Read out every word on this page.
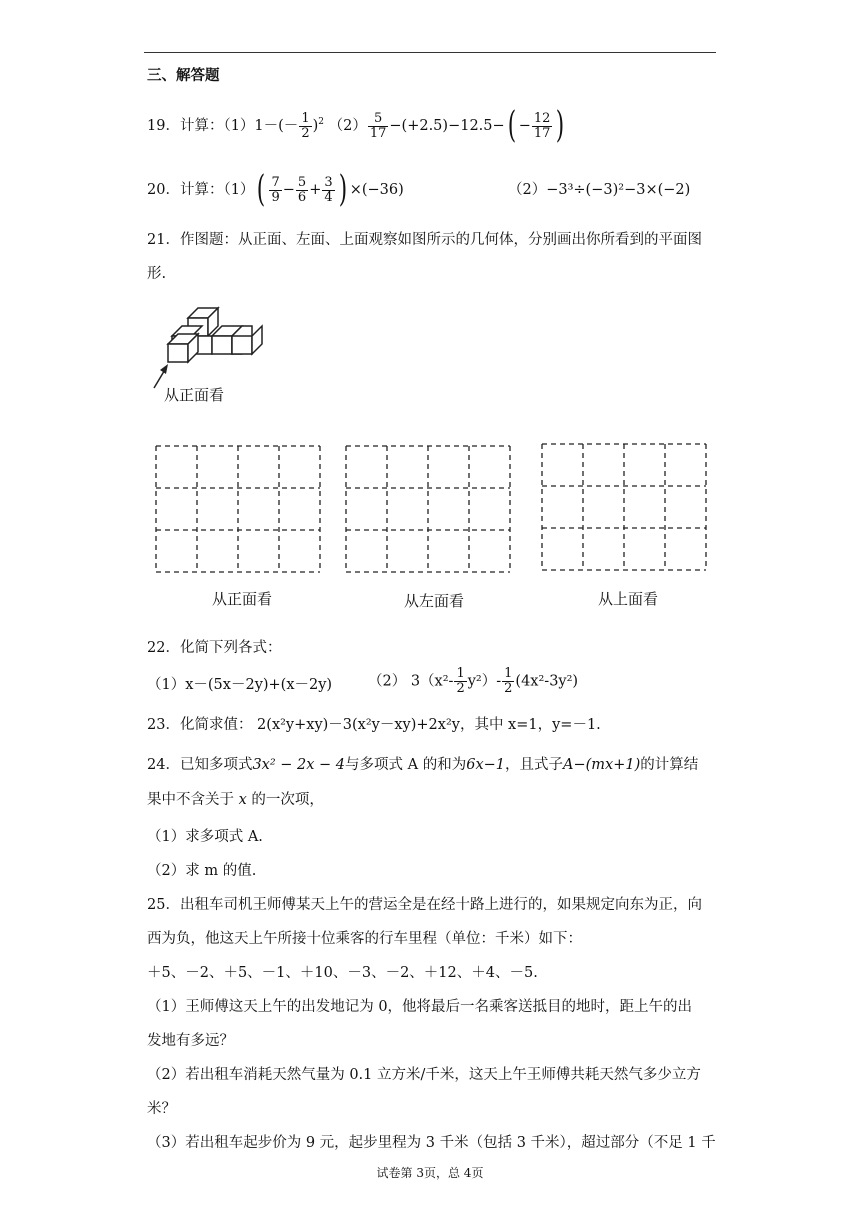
三、解答题
19．计算：$(1)1-(- \frac{1}{2} )^2$ $(2) \frac{5}{17} -(+2.5)-12.5-( - \frac{12}{17}$ )
20．计算：$(1)( \frac{7}{9} - \frac{5}{6} + \frac{3}{4}$ ) ×(−36)	（2）−3³÷(−3)²−3×(−2)
21．作图题：从正面、左面、上面观察如图所示的几何体，分别画出你所看到的平面图
形.
从正面看
从正面看	从左面看	从上面看
22．化简下列各式：
（1）x－(5x－2y)+(x－2y) （2） $3(x^2- \frac{1}{2} y^2)- \frac{1}{2} (4x^2-3y^2)$
23．化简求值： 2(x²y+xy)－3(x²y－xy)+2x²y，其中 x=1，y=－1.
24．已知多项式3x² − 2x − 4与多项式 A 的和为6x−1，且式子A−(mx+1)的计算结
果中不含关于 x 的一次项，
（1）求多项式 A.
（2）求 m 的值.
25．出租车司机王师傅某天上午的营运全是在经十路上进行的，如果规定向东为正，向
西为负，他这天上午所接十位乘客的行车里程（单位：千米）如下：
＋5、－2、＋5、－1、＋10、－3、－2、＋12、＋4、－5.
（1）王师傅这天上午的出发地记为 0，他将最后一名乘客送抵目的地时，距上午的出
发地有多远？
（2）若出租车消耗天然气量为 0.1 立方米/千米，这天上午王师傅共耗天然气多少立方
米？
（3）若出租车起步价为 9 元，起步里程为 3 千米（包括 3 千米），超过部分（不足 1 千
试卷第 3页，总 4页
